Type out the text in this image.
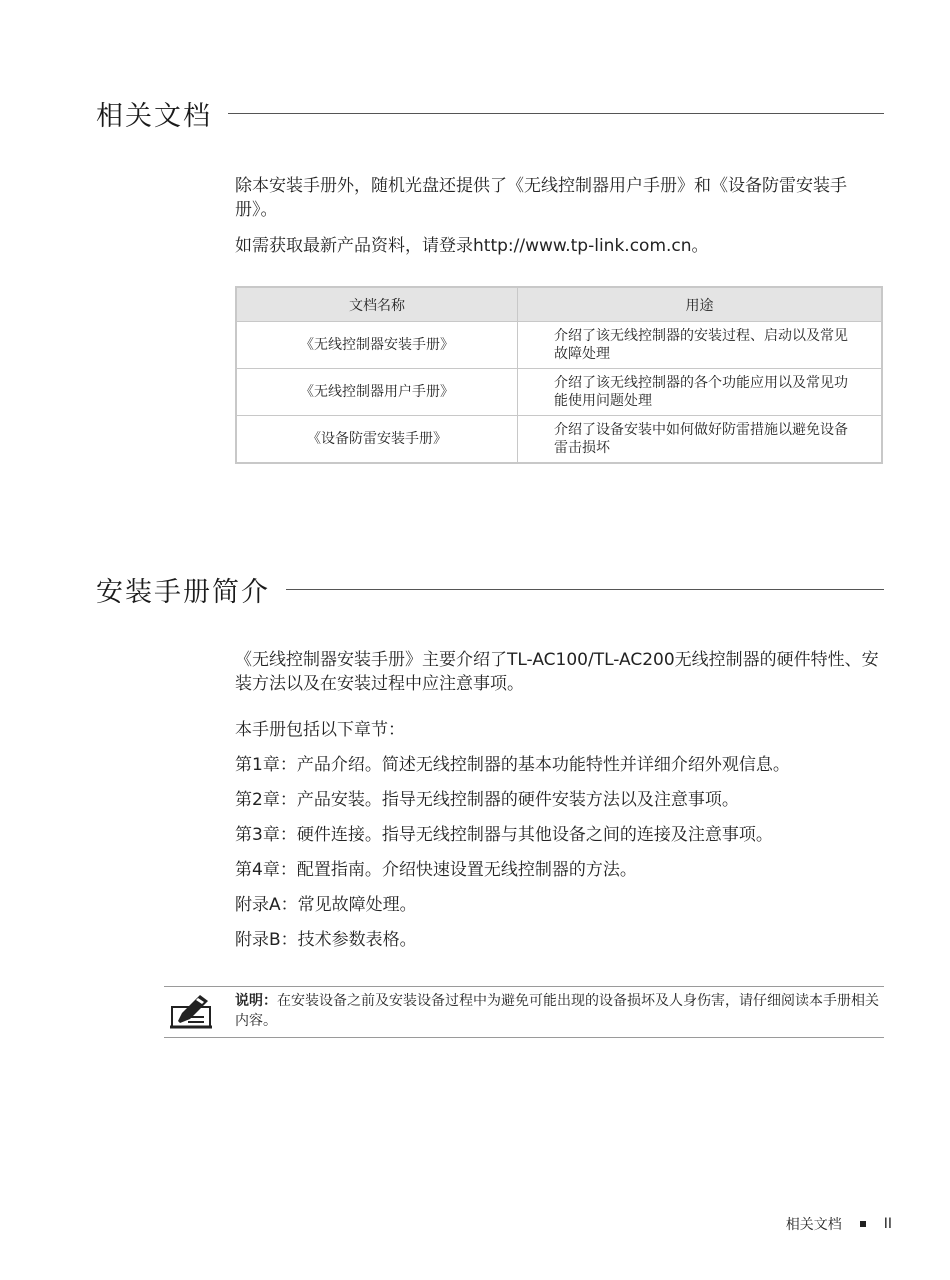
相关文档

除本安装手册外，随机光盘还提供了《无线控制器用户手册》和《设备防雷安装手册》。

如需获取最新产品资料，请登录http://www.tp-link.com.cn。

文档名称	用途
《无线控制器安装手册》	介绍了该无线控制器的安装过程、启动以及常见故障处理
《无线控制器用户手册》	介绍了该无线控制器的各个功能应用以及常见功能使用问题处理
《设备防雷安装手册》	介绍了设备安装中如何做好防雷措施以避免设备雷击损坏
安装手册简介

《无线控制器安装手册》主要介绍了TL-AC100/TL-AC200无线控制器的硬件特性、安装方法以及在安装过程中应注意事项。

本手册包括以下章节：
第1章：产品介绍。简述无线控制器的基本功能特性并详细介绍外观信息。
第2章：产品安装。指导无线控制器的硬件安装方法以及注意事项。
第3章：硬件连接。指导无线控制器与其他设备之间的连接及注意事项。
第4章：配置指南。介绍快速设置无线控制器的方法。
附录A：常见故障处理。
附录B：技术参数表格。
说明：在安装设备之前及安装设备过程中为避免可能出现的设备损坏及人身伤害，请仔细阅读本手册相关内容。
相关文档	II
